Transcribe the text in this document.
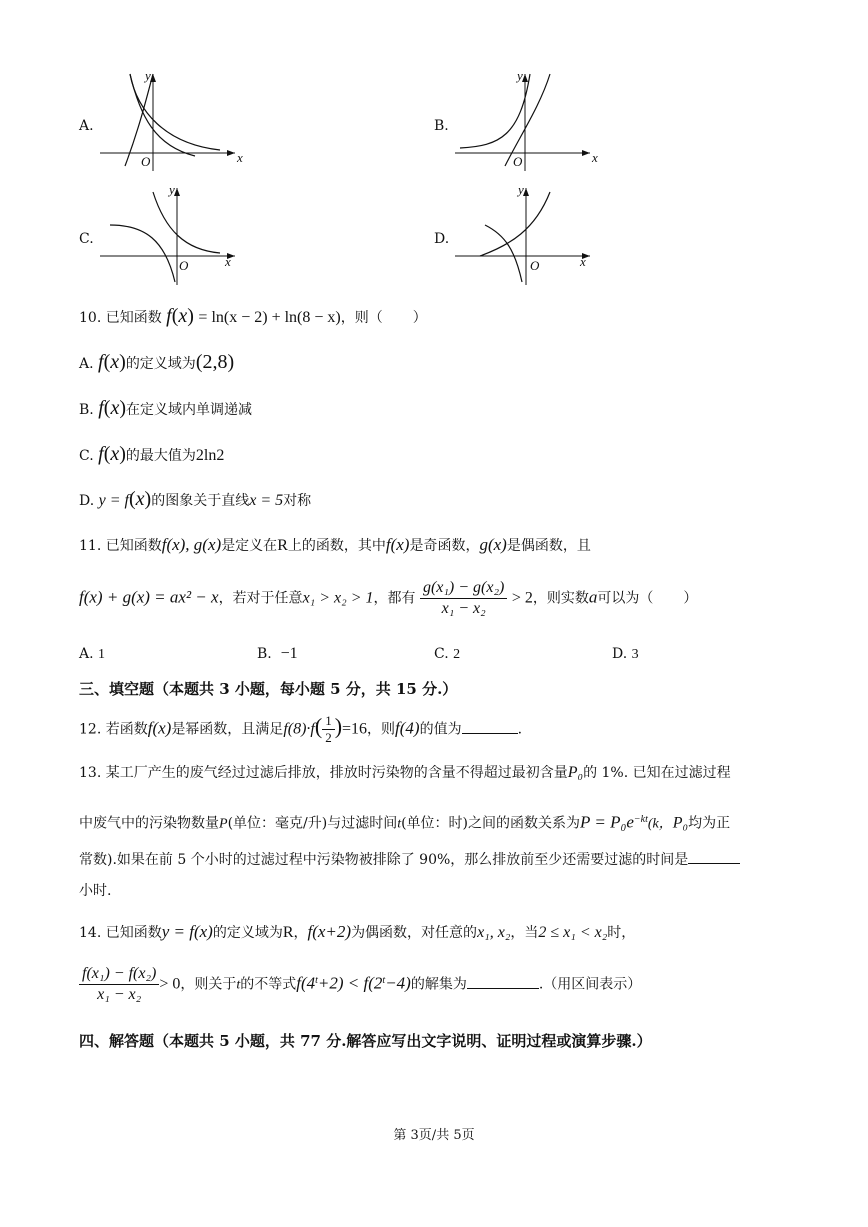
A.
x
y
O
B.
x
y
O
C.
x
y
O
D.
x
y
O
10. 已知函数 f(x) = ln(x − 2) + ln(8 − x)，则（ ）
A. f(x)的定义域为(2,8)
B. f(x)在定义域内单调递减
C. f(x)的最大值为2ln2
D. y = f(x)的图象关于直线x = 5对称
11. 已知函数f(x), g(x)是定义在R上的函数，其中f(x)是奇函数，g(x)是偶函数，且
f(x) + g(x) = ax² − x，若对于任意x₁ > x₂ > 1，都有 $\frac{\text{g(x₁) − g(x₂)}}{\text{x₁ − x₂}} > 2$，则实数a可以为（ ）
A. 1	B. −1	C. 2	D. 3
三、填空题（本题共 3 小题，每小题 5 分，共 15 分.）
12. 若函数f(x)是幂函数，且满足$f(8)\cdot f( \frac{1}{2} )=16$，则f(4)的值为	.
13. 某工厂产生的废气经过过滤后排放，排放时污染物的含量不得超过最初含量P₀的 1%. 已知在过滤过程
中废气中的污染物数量P(单位：毫克/升)与过滤时间t(单位：时)之间的函数关系为$P = P_0e^{-kt}(k$，P₀均为正
常数).如果在前 5 个小时的过滤过程中污染物被排除了 90%，那么排放前至少还需要过滤的时间是
小时.
14. 已知函数y = f(x)的定义域为R，f(x+2)为偶函数，对任意的x₁, x₂，当2 ≤ x₁ < x₂时，
$\frac{\text{f(x₁) − f(x₂)}}{\text{x₁ − x₂}} > 0$，则关于t的不等式$f(4^t+2) < f(2^t-4)$的解集为	.（用区间表示）
四、解答题（本题共 5 小题，共 77 分.解答应写出文字说明、证明过程或演算步骤.）
第 3页/共 5页
